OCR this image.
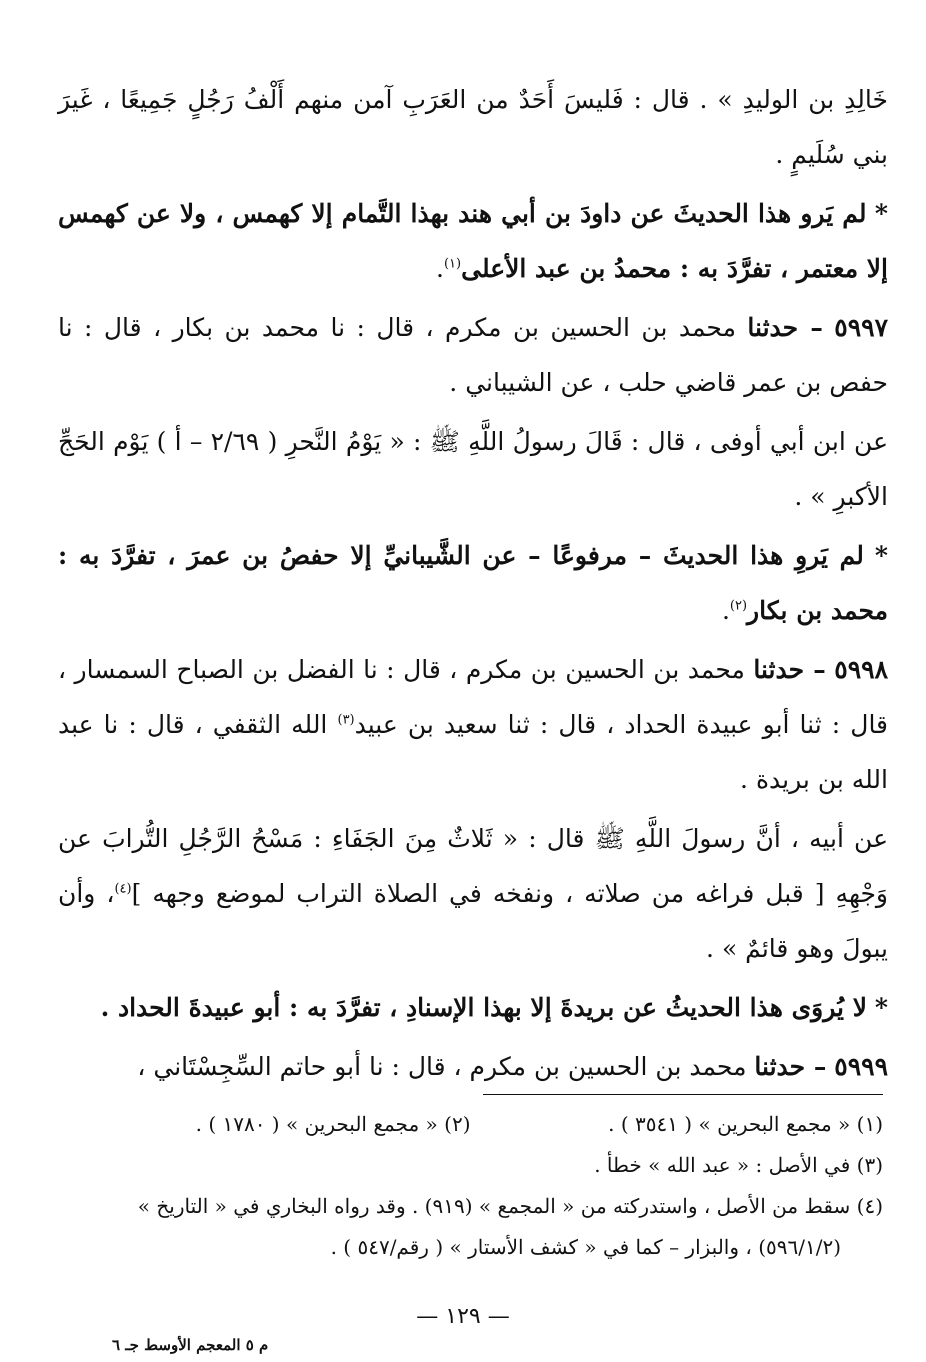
خَالِدِ بن الوليدِ » . قال : فَليسَ أَحَدٌ من العَرَبِ آمن منهم أَلْفُ رَجُلٍ جَمِيعًا ، غَيرَ بني سُلَيمٍ .

* لم يَرو هذا الحديثَ عن داودَ بن أبي هند بهذا التَّمام إلا كهمس ، ولا عن كهمس إلا معتمر ، تفرَّدَ به : محمدُ بن عبد الأعلى$^{(١)}$.

٥٩٩٧ – حدثنا محمد بن الحسين بن مكرم ، قال : نا محمد بن بكار ، قال : نا حفص بن عمر قاضي حلب ، عن الشيباني .

عن ابن أبي أوفى ، قال : قَالَ رسولُ اللَّهِ ﷺ : « يَوْمُ النَّحرِ ( ٢/٦٩ – أ ) يَوْم الحَجِّ الأكبرِ » .

* لم يَروِ هذا الحديثَ – مرفوعًا – عن الشَّيبانيِّ إلا حفصُ بن عمرَ ، تفرَّدَ به : محمد بن بكار$^{(٢)}$.

٥٩٩٨ – حدثنا محمد بن الحسين بن مكرم ، قال : نا الفضل بن الصباح السمسار ، قال : ثنا أبو عبيدة الحداد ، قال : ثنا سعيد بن عبيد$^{(٣)}$ الله الثقفي ، قال : نا عبد الله بن بريدة .

عن أبيه ، أنَّ رسولَ اللَّهِ ﷺ قال : « ثَلاثٌ مِنَ الجَفَاءِ : مَسْحُ الرَّجُلِ التُّرابَ عن وَجْهِهِ [ قبل فراغه من صلاته ، ونفخه في الصلاة التراب لموضع وجهه ]$^{(٤)}$، وأن يبولَ وهو قائمٌ » .

* لا يُروَى هذا الحديثُ عن بريدةَ إلا بهذا الإسنادِ ، تفرَّدَ به : أبو عبيدةَ الحداد .

٥٩٩٩ – حدثنا محمد بن الحسين بن مكرم ، قال : نا أبو حاتم السِّجِسْتَاني ،

(١) « مجمع البحرين » ( ٣٥٤١ ) .
(٢) « مجمع البحرين » ( ١٧٨٠ ) .
(٣) في الأصل : « عبد الله » خطأ .
(٤) سقط من الأصل ، واستدركته من « المجمع » (٩١٩) . وقد رواه البخاري في « التاريخ »
(٥٩٦/١/٢) ، والبزار – كما في « كشف الأستار » ( رقم/٥٤٧ ) .
— ١٢٩ —
م ٥ المعجم الأوسط جـ ٦
